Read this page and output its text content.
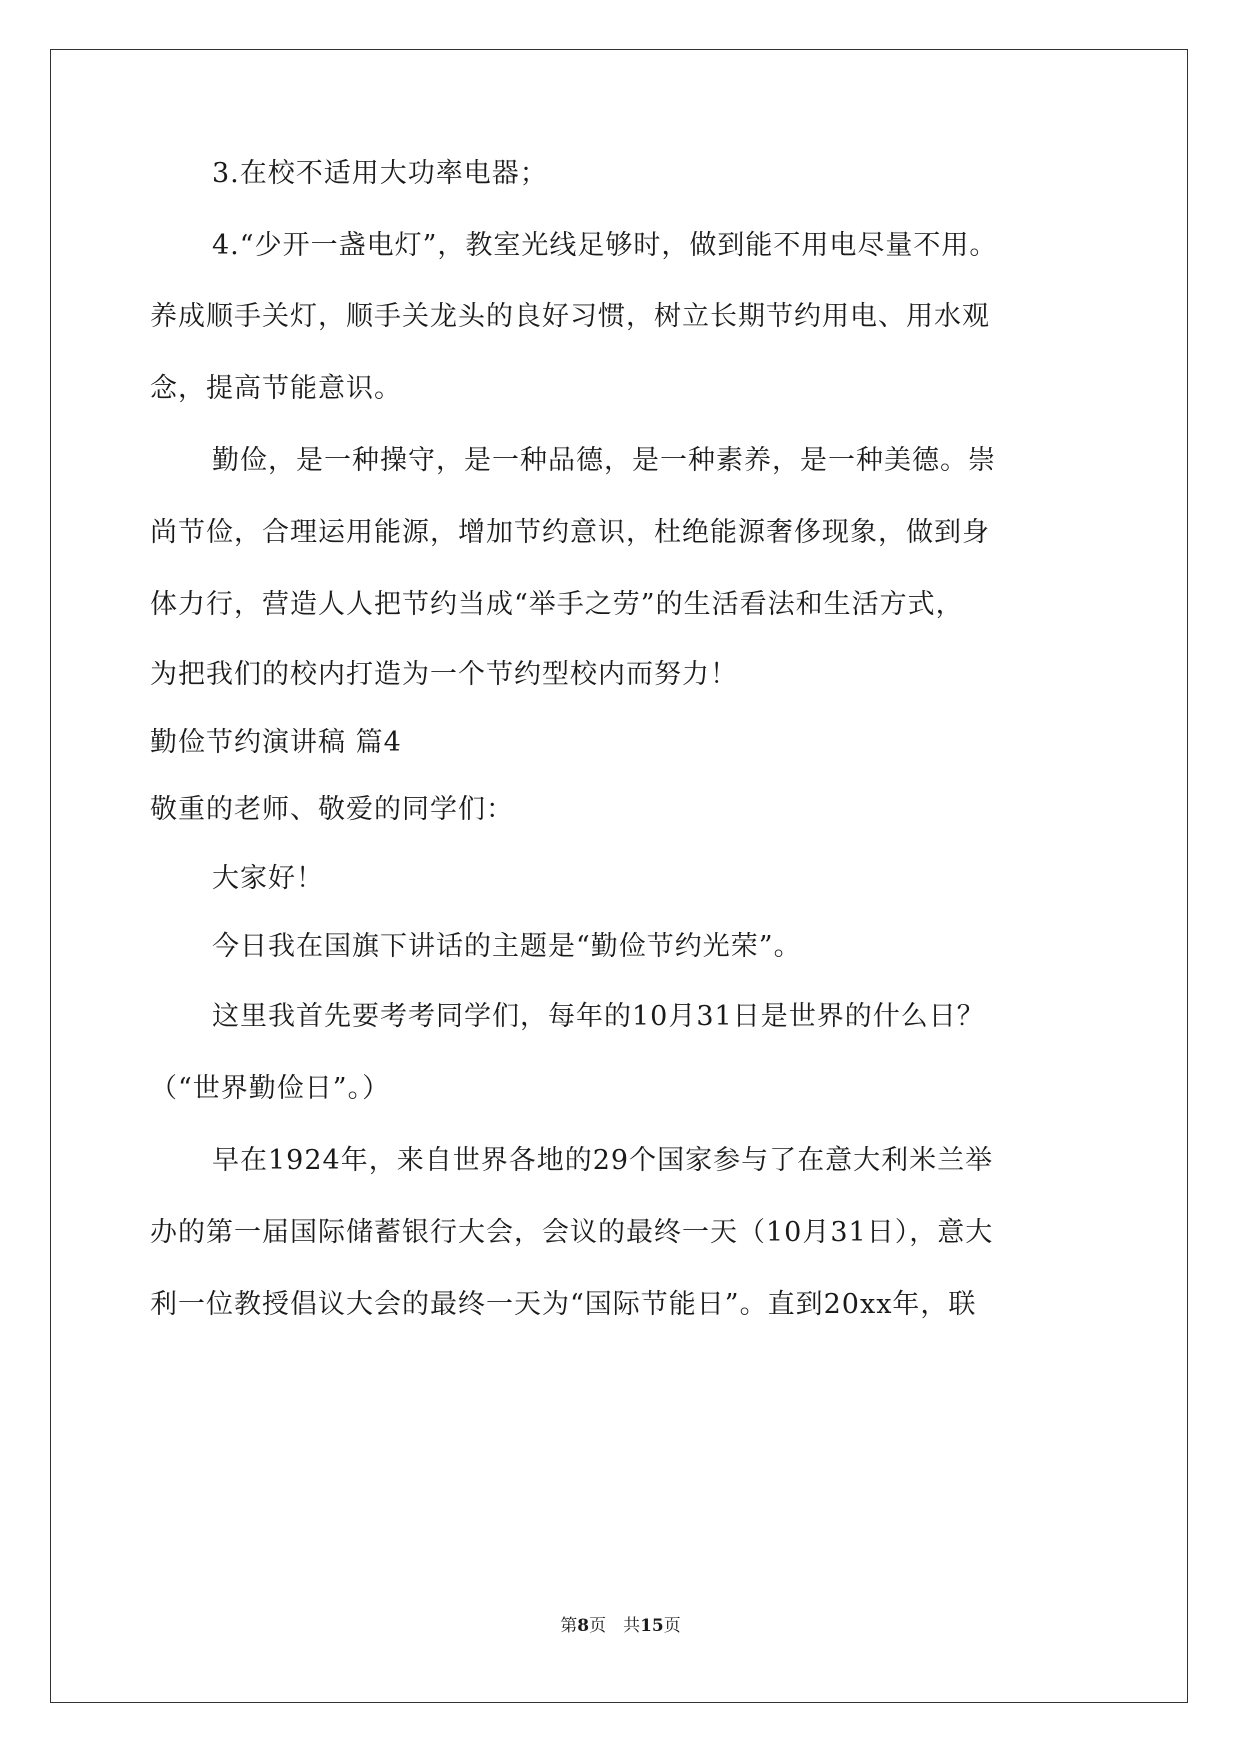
3.在校不适用大功率电器；
4.“少开一盏电灯”，教室光线足够时，做到能不用电尽量不用。
养成顺手关灯，顺手关龙头的良好习惯，树立长期节约用电、用水观
念，提高节能意识。
勤俭，是一种操守，是一种品德，是一种素养，是一种美德。崇
尚节俭，合理运用能源，增加节约意识，杜绝能源奢侈现象，做到身
体力行，营造人人把节约当成“举手之劳”的生活看法和生活方式，
为把我们的校内打造为一个节约型校内而努力！
勤俭节约演讲稿 篇4
敬重的老师、敬爱的同学们：
大家好！
今日我在国旗下讲话的主题是“勤俭节约光荣”。
这里我首先要考考同学们，每年的10月31日是世界的什么日？
（“世界勤俭日”。）
早在1924年，来自世界各地的29个国家参与了在意大利米兰举
办的第一届国际储蓄银行大会，会议的最终一天（10月31日），意大
利一位教授倡议大会的最终一天为“国际节能日”。直到20xx年，联
第8页　共15页
